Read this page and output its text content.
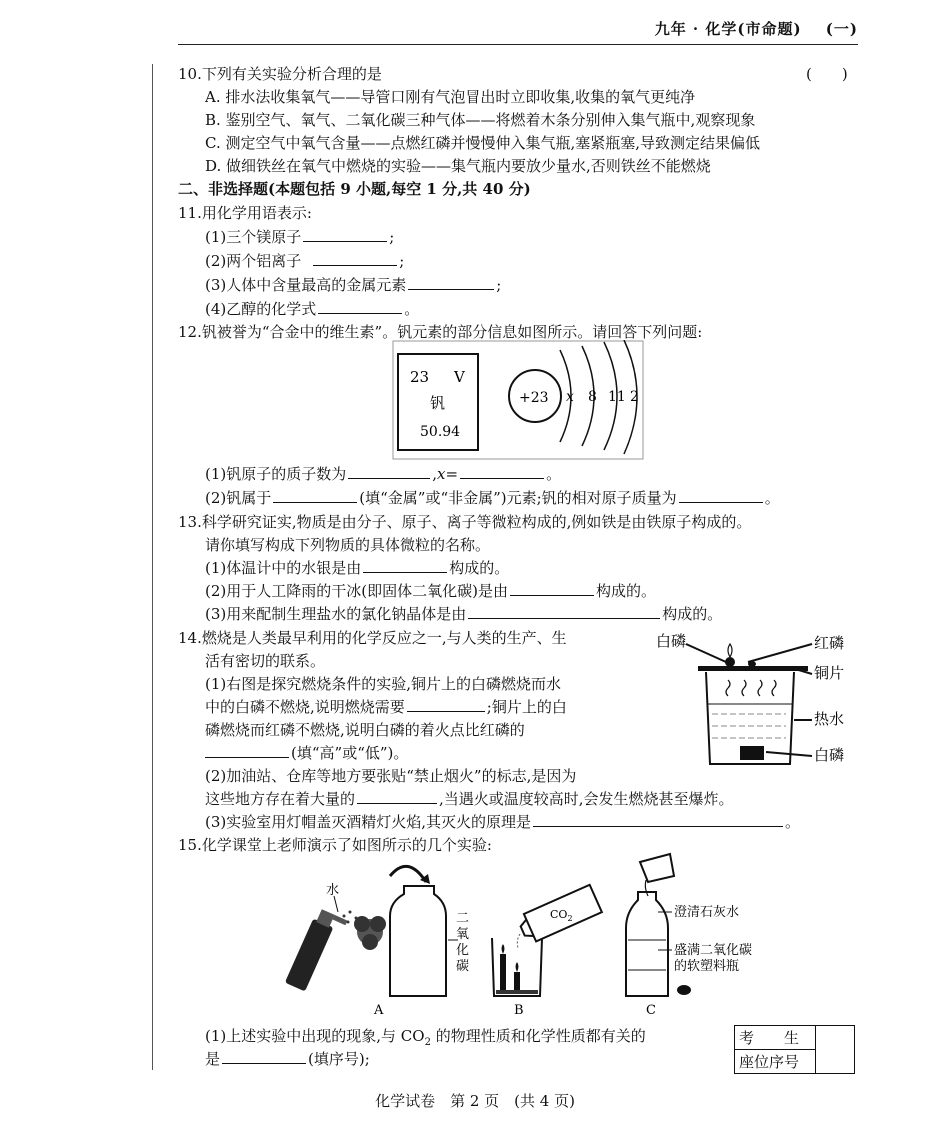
九年 · 化学(市命题) (一)
10.下列有关实验分析合理的是	(　　)
A. 排水法收集氧气——导管口刚有气泡冒出时立即收集,收集的氧气更纯净
B. 鉴别空气、氧气、二氧化碳三种气体——将燃着木条分别伸入集气瓶中,观察现象
C. 测定空气中氧气含量——点燃红磷并慢慢伸入集气瓶,塞紧瓶塞,导致测定结果偏低
D. 做细铁丝在氧气中燃烧的实验——集气瓶内要放少量水,否则铁丝不能燃烧
二、非选择题(本题包括 9 小题,每空 1 分,共 40 分)
11.用化学用语表示:
(1)三个镁原子	;
(2)两个铝离子	;
(3)人体中含量最高的金属元素	;
(4)乙醇的化学式	。
12.钒被誉为“合金中的维生素”。钒元素的部分信息如图所示。请回答下列问题:
23 V
钒
50.94
+23 x 8 11 2
(1)钒原子的质子数为	,x=	。
(2)钒属于	(填“金属”或“非金属”)元素;钒的相对原子质量为	。
13.科学研究证实,物质是由分子、原子、离子等微粒构成的,例如铁是由铁原子构成的。
请你填写构成下列物质的具体微粒的名称。
(1)体温计中的水银是由	构成的。
(2)用于人工降雨的干冰(即固体二氧化碳)是由	构成的。
(3)用来配制生理盐水的氯化钠晶体是由	构成的。
14.燃烧是人类最早利用的化学反应之一,与人类的生产、生
活有密切的联系。
(1)右图是探究燃烧条件的实验,铜片上的白磷燃烧而水
中的白磷不燃烧,说明燃烧需要	;铜片上的白
磷燃烧而红磷不燃烧,说明白磷的着火点比红磷的
(填“高”或“低”)。
(2)加油站、仓库等地方要张贴“禁止烟火”的标志,是因为
这些地方存在着大量的	,当遇火或温度较高时,会发生燃烧甚至爆炸。
(3)实验室用灯帽盖灭酒精灯火焰,其灭火的原理是	。
白磷	红磷
铜片
热水
白磷
15.化学课堂上老师演示了如图所示的几个实验:
水
二
氧
化
碳
A
$CO_2$
B
澄清石灰水
盛满二氧化碳
的软塑料瓶
C
(1)上述实验中出现的现象,与 $CO_2$ 的物理性质和化学性质都有关的
是	(填序号);
考 生	
座位序号
化学试卷　第 2 页　(共 4 页)
